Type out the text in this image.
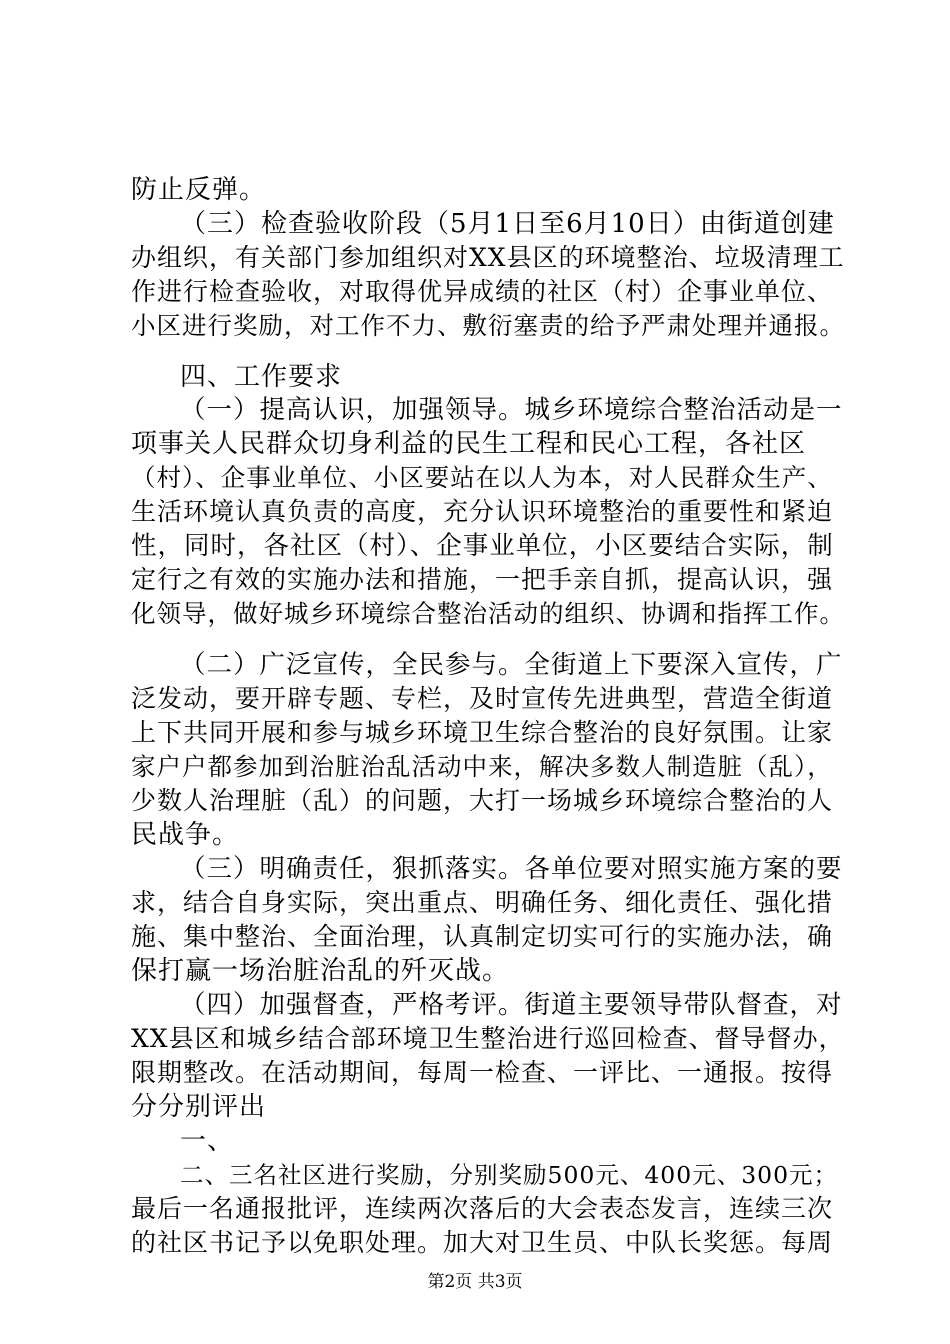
防止反弹。
（三）检查验收阶段（5月1日至6月10日）由街道创建
办组织，有关部门参加组织对XX县区的环境整治、垃圾清理工
作进行检查验收，对取得优异成绩的社区（村）企事业单位、
小区进行奖励，对工作不力、敷衍塞责的给予严肃处理并通报。
四、工作要求
（一）提高认识，加强领导。城乡环境综合整治活动是一
项事关人民群众切身利益的民生工程和民心工程，各社区
（村）、企事业单位、小区要站在以人为本，对人民群众生产、
生活环境认真负责的高度，充分认识环境整治的重要性和紧迫
性，同时，各社区（村）、企事业单位，小区要结合实际，制
定行之有效的实施办法和措施，一把手亲自抓，提高认识，强
化领导，做好城乡环境综合整治活动的组织、协调和指挥工作。
（二）广泛宣传，全民参与。全街道上下要深入宣传，广
泛发动，要开辟专题、专栏，及时宣传先进典型，营造全街道
上下共同开展和参与城乡环境卫生综合整治的良好氛围。让家
家户户都参加到治脏治乱活动中来，解决多数人制造脏（乱），
少数人治理脏（乱）的问题，大打一场城乡环境综合整治的人
民战争。
（三）明确责任，狠抓落实。各单位要对照实施方案的要
求，结合自身实际，突出重点、明确任务、细化责任、强化措
施、集中整治、全面治理，认真制定切实可行的实施办法，确
保打赢一场治脏治乱的歼灭战。
（四）加强督查，严格考评。街道主要领导带队督查，对
XX县区和城乡结合部环境卫生整治进行巡回检查、督导督办，
限期整改。在活动期间，每周一检查、一评比、一通报。按得
分分别评出
一、
二、三名社区进行奖励，分别奖励500元、400元、300元；
最后一名通报批评，连续两次落后的大会表态发言，连续三次
的社区书记予以免职处理。加大对卫生员、中队长奖惩。每周
第2页 共3页
